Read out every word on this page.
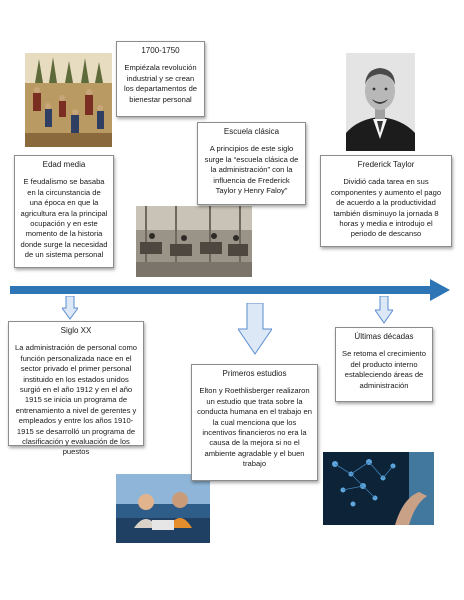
1700-1750
Empiézala revolución industrial y se crean los departamentos de bienestar personal
Edad media
E feudalismo se basaba en la circunstancia de una época en que la agricultura era la principal ocupación y en este momento de la historia donde surge la necesidad de un sistema personal
Escuela clásica
A principios de este siglo surge la “escuela clásica de la administración” con la influencia de Frederick Taylor y Henry Faloy”
Frederick Taylor
Dividió cada tarea en sus componentes y aumento el pago de acuerdo a la productividad también disminuyo la jornada 8 horas y media e introdujo el periodo de descanso
Siglo XX
La administración de personal como función personalizada nace en el sector privado el primer personal instituido en los estados unidos surgió en el año 1912 y en el año 1915 se inicia un programa de entrenamiento a nivel de gerentes y empleados y entre los años 1910-1915 se desarrolló un programa de clasificación y evaluación de los puestos
Primeros estudios
Elton y Roethlisberger realizaron un estudio que trata sobre la conducta humana en el trabajo en la cual menciona que los incentivos financieros no era la causa de la mejora si no el ambiente agradable y el buen trabajo
Últimas décadas
Se retoma el crecimiento del producto interno estableciendo áreas de administración
